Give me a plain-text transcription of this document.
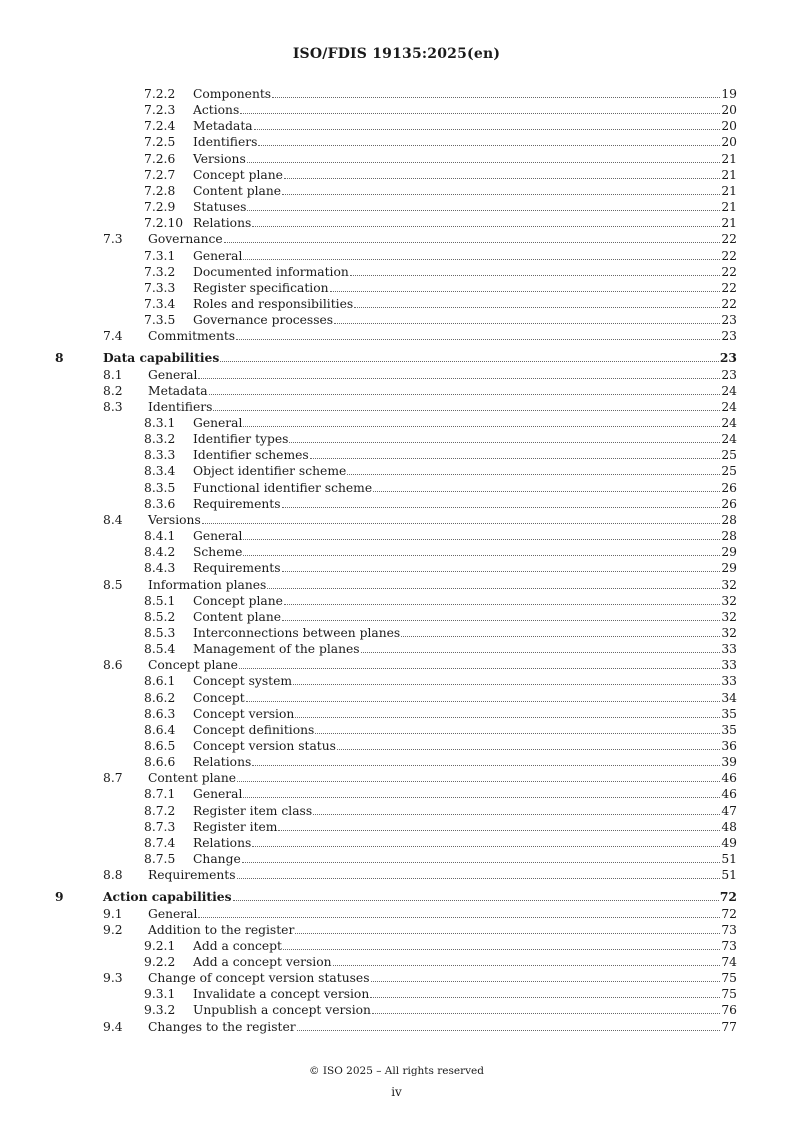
ISO/FDIS 19135:2025(en)
7.2.2 Components	19
7.2.3 Actions	20
7.2.4 Metadata	20
7.2.5 Identifiers	20
7.2.6 Versions	21
7.2.7 Concept plane	21
7.2.8 Content plane	21
7.2.9 Statuses	21
7.2.10 Relations	21
7.3 Governance	22
7.3.1 General	22
7.3.2 Documented information	22
7.3.3 Register specification	22
7.3.4 Roles and responsibilities	22
7.3.5 Governance processes	23
7.4 Commitments	23
8	Data capabilities	23
8.1 General	23
8.2 Metadata	24
8.3 Identifiers	24
8.3.1 General	24
8.3.2 Identifier types	24
8.3.3 Identifier schemes	25
8.3.4 Object identifier scheme	25
8.3.5 Functional identifier scheme	26
8.3.6 Requirements	26
8.4 Versions	28
8.4.1 General	28
8.4.2 Scheme	29
8.4.3 Requirements	29
8.5 Information planes	32
8.5.1 Concept plane	32
8.5.2 Content plane	32
8.5.3 Interconnections between planes	32
8.5.4 Management of the planes	33
8.6 Concept plane	33
8.6.1 Concept system	33
8.6.2 Concept	34
8.6.3 Concept version	35
8.6.4 Concept definitions	35
8.6.5 Concept version status	36
8.6.6 Relations	39
8.7 Content plane	46
8.7.1 General	46
8.7.2 Register item class	47
8.7.3 Register item	48
8.7.4 Relations	49
8.7.5 Change	51
8.8 Requirements	51
9	Action capabilities	72
9.1 General	72
9.2 Addition to the register	73
9.2.1 Add a concept	73
9.2.2 Add a concept version	74
9.3 Change of concept version statuses	75
9.3.1 Invalidate a concept version	75
9.3.2 Unpublish a concept version	76
9.4 Changes to the register	77
© ISO 2025 – All rights reserved
iv
